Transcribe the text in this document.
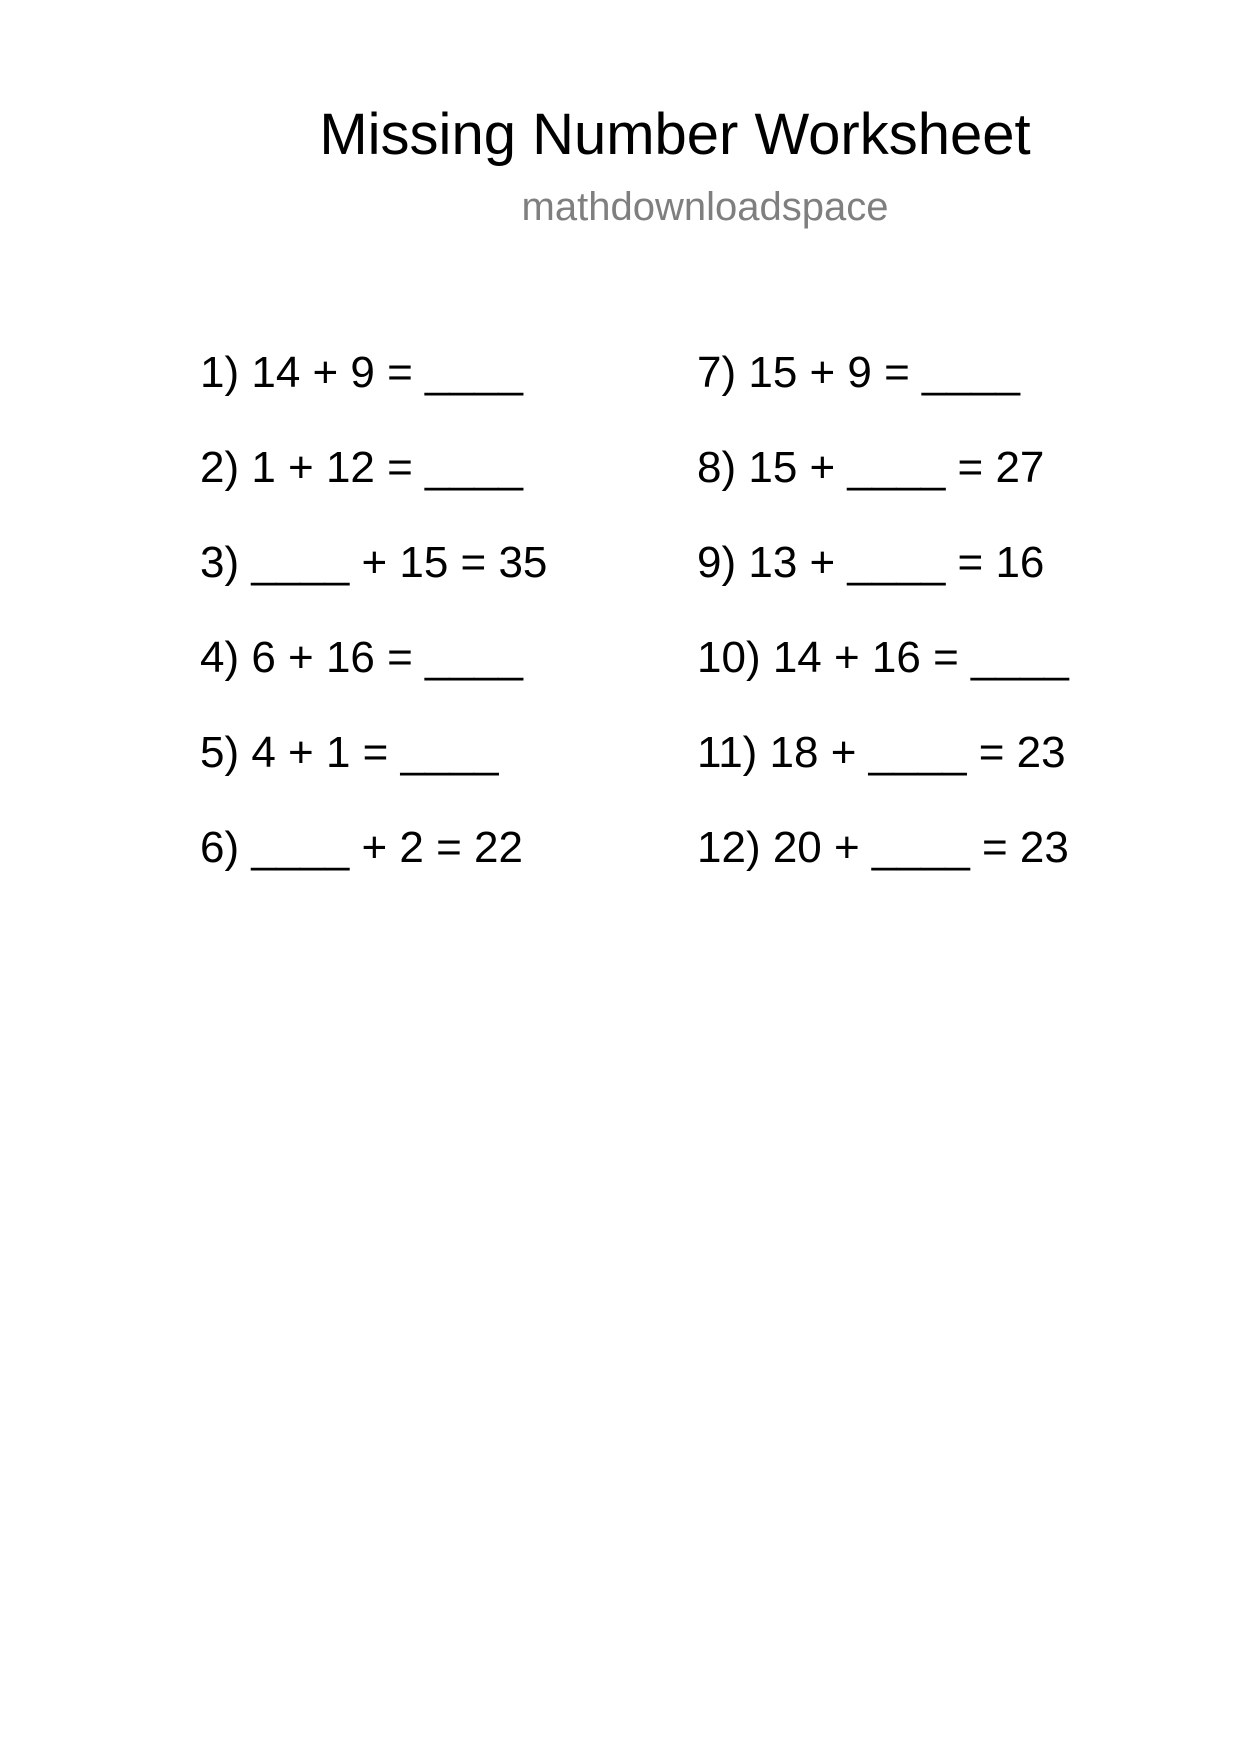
Missing Number Worksheet
mathdownloadspace
1) 14 + 9 = ____
2) 1 + 12 = ____
3) ____ + 15 = 35
4) 6 + 16 = ____
5) 4 + 1 = ____
6) ____ + 2 = 22
7) 15 + 9 = ____
8) 15 + ____ = 27
9) 13 + ____ = 16
10) 14 + 16 = ____
11) 18 + ____ = 23
12) 20 + ____ = 23
